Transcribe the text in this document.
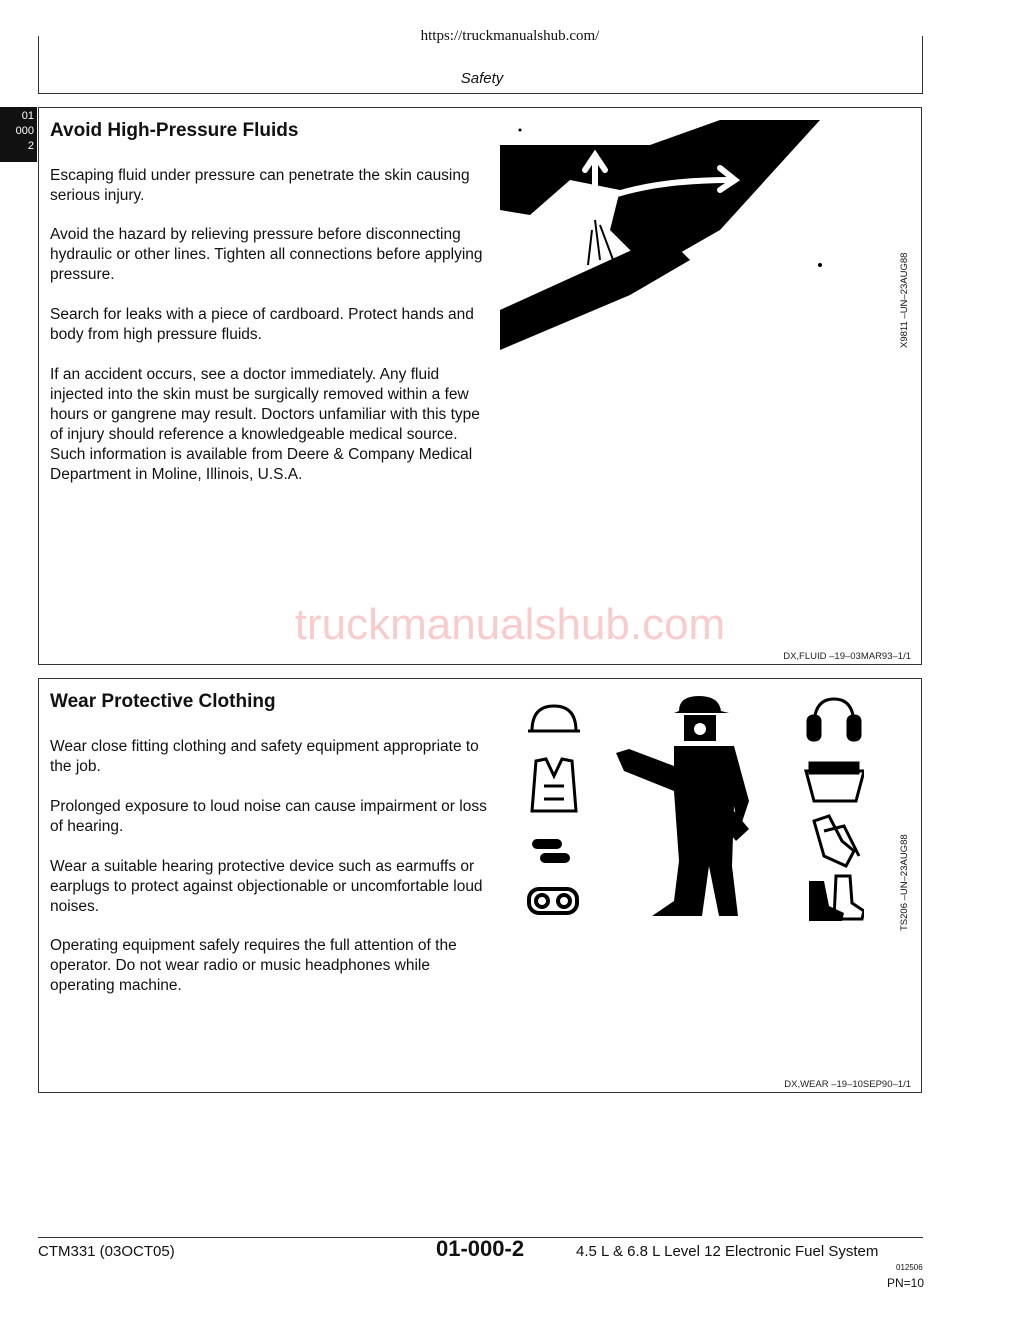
https://truckmanualshub.com/
Safety
01
000
2
Avoid High-Pressure Fluids

Escaping fluid under pressure can penetrate the skin causing serious injury.

Avoid the hazard by relieving pressure before disconnecting hydraulic or other lines. Tighten all connections before applying pressure.

Search for leaks with a piece of cardboard. Protect hands and body from high pressure fluids.

If an accident occurs, see a doctor immediately. Any fluid injected into the skin must be surgically removed within a few hours or gangrene may result. Doctors unfamiliar with this type of injury should reference a knowledgeable medical source. Such information is available from Deere & Company Medical Department in Moline, Illinois, U.S.A.

X9811 –UN–23AUG88
DX,FLUID –19–03MAR93–1/1
truckmanualshub.com
Wear Protective Clothing

Wear close fitting clothing and safety equipment appropriate to the job.

Prolonged exposure to loud noise can cause impairment or loss of hearing.

Wear a suitable hearing protective device such as earmuffs or earplugs to protect against objectionable or uncomfortable loud noises.

Operating equipment safely requires the full attention of the operator. Do not wear radio or music headphones while operating machine.

TS206 –UN–23AUG88
DX,WEAR –19–10SEP90–1/1
CTM331 (03OCT05)	01-000-2	4.5 L & 6.8 L Level 12 Electronic Fuel System
012506
PN=10
